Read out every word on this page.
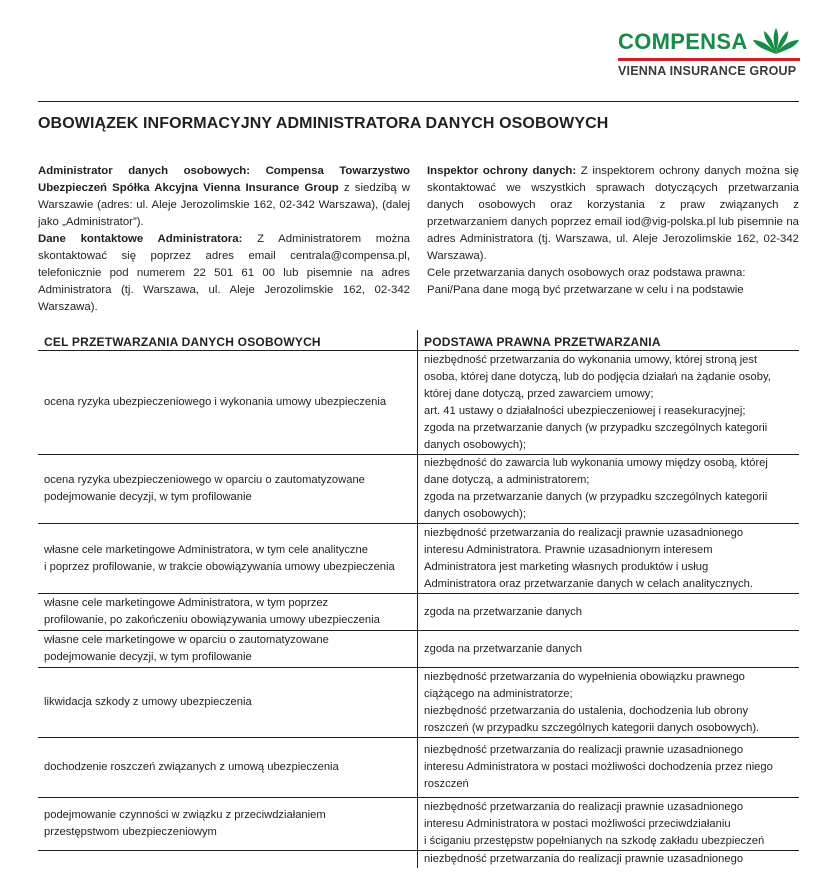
COMPENSA
VIENNA INSURANCE GROUP
OBOWIĄZEK INFORMACYJNY ADMINISTRATORA DANYCH OSOBOWYCH

Administrator danych osobowych: Compensa Towarzystwo Ubezpieczeń Spółka Akcyjna Vienna Insurance Group z siedzibą w Warszawie (adres: ul. Aleje Jerozolimskie 162, 02-342 Warszawa), (dalej jako „Administrator”).

Dane kontaktowe Administratora: Z Administratorem można skontaktować się poprzez adres email centrala@compensa.pl, telefonicznie pod numerem 22 501 61 00 lub pisemnie na adres Administratora (tj. Warszawa, ul. Aleje Jerozolimskie 162, 02-342 Warszawa).

Inspektor ochrony danych: Z inspektorem ochrony danych można się skontaktować we wszystkich sprawach dotyczących przetwarzania danych osobowych oraz korzystania z praw związanych z przetwarzaniem danych poprzez email iod@vig-polska.pl lub pisemnie na adres Administratora (tj. Warszawa, ul. Aleje Jerozolimskie 162, 02-342 Warszawa).

Cele przetwarzania danych osobowych oraz podstawa prawna: Pani/Pana dane mogą być przetwarzane w celu i na podstawie

CEL PRZETWARZANIA DANYCH OSOBOWYCH	PODSTAWA PRAWNA PRZETWARZANIA
ocena ryzyka ubezpieczeniowego i wykonania umowy ubezpieczenia
niezbędność przetwarzania do wykonania umowy, której stroną jest
osoba, której dane dotyczą, lub do podjęcia działań na żądanie osoby,
której dane dotyczą, przed zawarciem umowy;
art. 41 ustawy o działalności ubezpieczeniowej i reasekuracyjnej;
zgoda na przetwarzanie danych (w przypadku szczególnych kategorii
danych osobowych);
ocena ryzyka ubezpieczeniowego w oparciu o zautomatyzowane
podejmowanie decyzji, w tym profilowanie
niezbędność do zawarcia lub wykonania umowy między osobą, której
dane dotyczą, a administratorem;
zgoda na przetwarzanie danych (w przypadku szczególnych kategorii
danych osobowych);
własne cele marketingowe Administratora, w tym cele analityczne
i poprzez profilowanie, w trakcie obowiązywania umowy ubezpieczenia
niezbędność przetwarzania do realizacji prawnie uzasadnionego
interesu Administratora. Prawnie uzasadnionym interesem
Administratora jest marketing własnych produktów i usług
Administratora oraz przetwarzanie danych w celach analitycznych.
własne cele marketingowe Administratora, w tym poprzez
profilowanie, po zakończeniu obowiązywania umowy ubezpieczenia
zgoda na przetwarzanie danych
własne cele marketingowe w oparciu o zautomatyzowane
podejmowanie decyzji, w tym profilowanie
zgoda na przetwarzanie danych
likwidacja szkody z umowy ubezpieczenia
niezbędność przetwarzania do wypełnienia obowiązku prawnego
ciążącego na administratorze;
niezbędność przetwarzania do ustalenia, dochodzenia lub obrony
roszczeń (w przypadku szczególnych kategorii danych osobowych).
dochodzenie roszczeń związanych z umową ubezpieczenia
niezbędność przetwarzania do realizacji prawnie uzasadnionego
interesu Administratora w postaci możliwości dochodzenia przez niego
roszczeń
podejmowanie czynności w związku z przeciwdziałaniem
przestępstwom ubezpieczeniowym
niezbędność przetwarzania do realizacji prawnie uzasadnionego
interesu Administratora w postaci możliwości przeciwdziałaniu
i ściganiu przestępstw popełnianych na szkodę zakładu ubezpieczeń
niezbędność przetwarzania do realizacji prawnie uzasadnionego
